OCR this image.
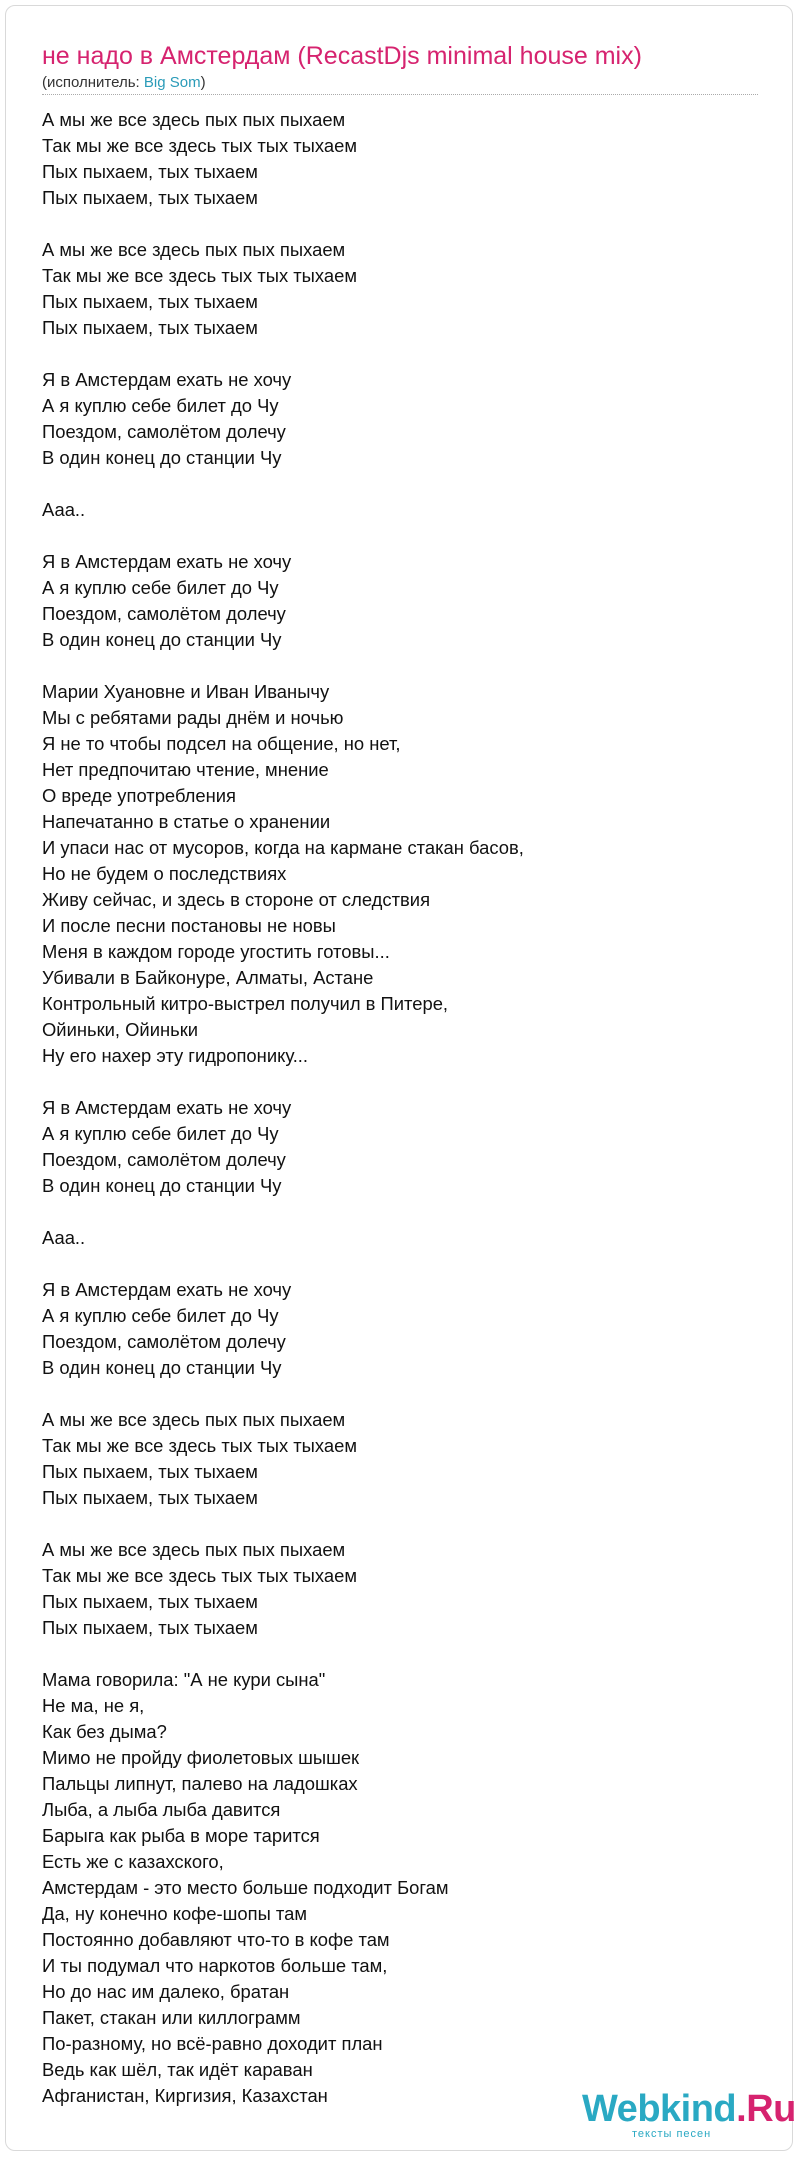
не надо в Амстердам (RecastDjs minimal house mix)
(исполнитель: Big Som)
А мы же все здесь пых пых пыхаем
Так мы же все здесь тых тых тыхаем
Пых пыхаем, тых тыхаем
Пых пыхаем, тых тыхаем
А мы же все здесь пых пых пыхаем
Так мы же все здесь тых тых тыхаем
Пых пыхаем, тых тыхаем
Пых пыхаем, тых тыхаем
Я в Амстердам ехать не хочу
А я куплю себе билет до Чу
Поездом, самолётом долечу
В один конец до станции Чу
Ааа..
Я в Амстердам ехать не хочу
А я куплю себе билет до Чу
Поездом, самолётом долечу
В один конец до станции Чу
Марии Хуановне и Иван Иванычу
Мы с ребятами рады днём и ночью
Я не то чтобы подсел на общение, но нет,
Нет предпочитаю чтение, мнение
О вреде употребления
Напечатанно в статье о хранении
И упаси нас от мусоров, когда на кармане стакан басов,
Но не будем о последствиях
Живу сейчас, и здесь в стороне от следствия
И после песни постановы не новы
Меня в каждом городе угостить готовы...
Убивали в Байконуре, Алматы, Астане
Контрольный китро-выстрел получил в Питере,
Ойиньки, Ойиньки
Ну его нахер эту гидропонику...
Я в Амстердам ехать не хочу
А я куплю себе билет до Чу
Поездом, самолётом долечу
В один конец до станции Чу
Ааа..
Я в Амстердам ехать не хочу
А я куплю себе билет до Чу
Поездом, самолётом долечу
В один конец до станции Чу
А мы же все здесь пых пых пыхаем
Так мы же все здесь тых тых тыхаем
Пых пыхаем, тых тыхаем
Пых пыхаем, тых тыхаем
А мы же все здесь пых пых пыхаем
Так мы же все здесь тых тых тыхаем
Пых пыхаем, тых тыхаем
Пых пыхаем, тых тыхаем
Мама говорила: "А не кури сына"
Не ма, не я,
Как без дыма?
Мимо не пройду фиолетовых шышек
Пальцы липнут, палево на ладошках
Лыба, а лыба лыба давится
Барыга как рыба в море тарится
Есть же с казахского,
Амстердам - это место больше подходит Богам
Да, ну конечно кофе-шопы там
Постоянно добавляют что-то в кофе там
И ты подумал что наркотов больше там,
Но до нас им далеко, братан
Пакет, стакан или киллограмм
По-разному, но всё-равно доходит план
Ведь как шёл, так идёт караван
Афганистан, Киргизия, Казахстан	Webkind.Ru
тексты песен
